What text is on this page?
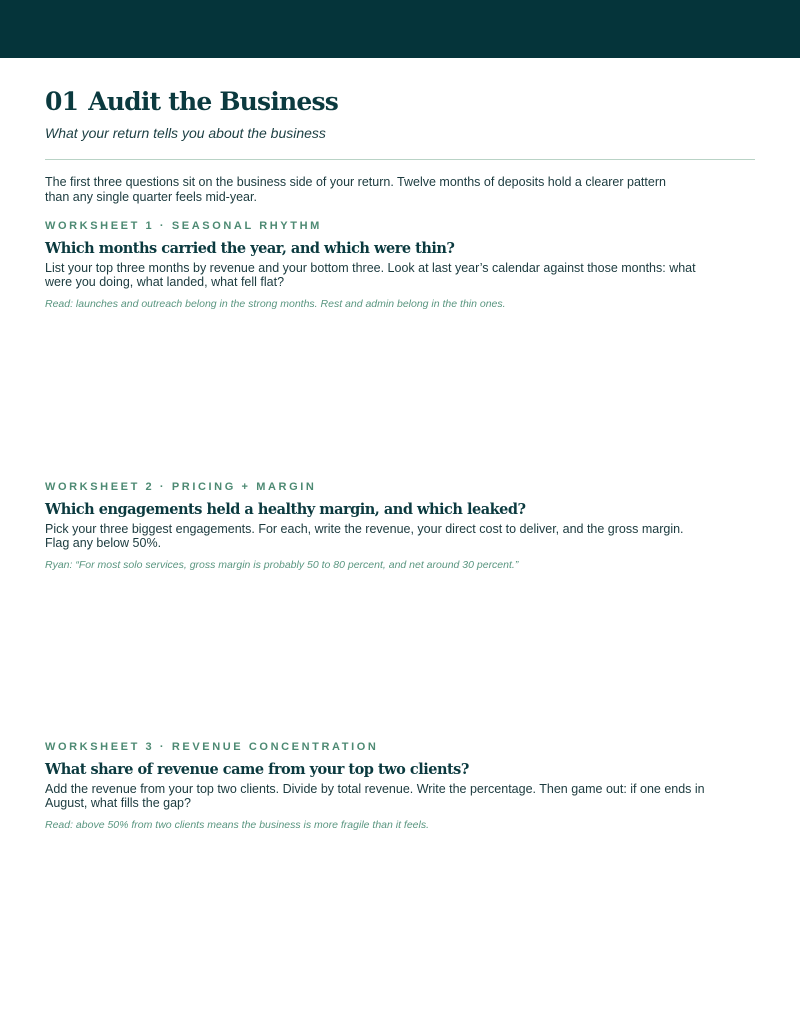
01 Audit the Business

What your return tells you about the business

The first three questions sit on the business side of your return. Twelve months of deposits hold a clearer pattern than any single quarter feels mid-year.

WORKSHEET 1 · SEASONAL RHYTHM
Which months carried the year, and which were thin?

List your top three months by revenue and your bottom three. Look at last year’s calendar against those months: what were you doing, what landed, what fell flat?

Read: launches and outreach belong in the strong months. Rest and admin belong in the thin ones.

WORKSHEET 2 · PRICING + MARGIN
Which engagements held a healthy margin, and which leaked?

Pick your three biggest engagements. For each, write the revenue, your direct cost to deliver, and the gross margin. Flag any below 50%.

Ryan: “For most solo services, gross margin is probably 50 to 80 percent, and net around 30 percent.”

WORKSHEET 3 · REVENUE CONCENTRATION
What share of revenue came from your top two clients?

Add the revenue from your top two clients. Divide by total revenue. Write the percentage. Then game out: if one ends in August, what fills the gap?

Read: above 50% from two clients means the business is more fragile than it feels.
